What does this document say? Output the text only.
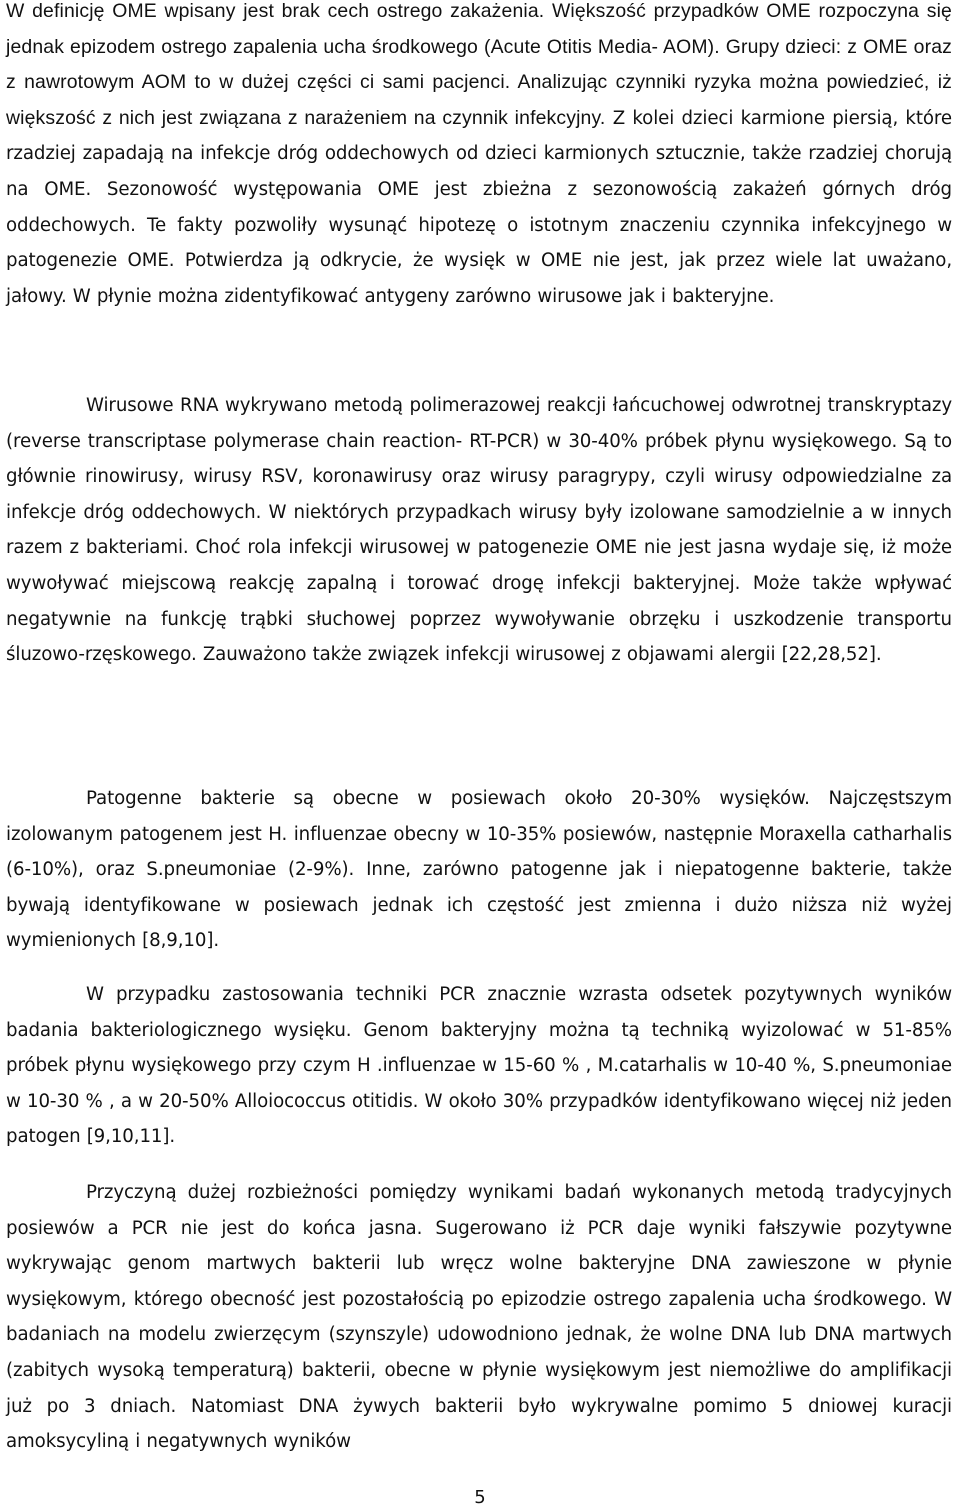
W definicję OME wpisany jest brak cech ostrego zakażenia. Większość przypadków OME rozpoczyna się jednak epizodem ostrego zapalenia ucha środkowego (Acute Otitis Media- AOM). Grupy dzieci: z OME oraz z nawrotowym AOM to w dużej części ci sami pacjenci. Analizując czynniki ryzyka można powiedzieć, iż większość z nich jest związana z narażeniem na czynnik infekcyjny. Z kolei dzieci karmione piersią, które rzadziej zapadają na infekcje dróg oddechowych od dzieci karmionych sztucznie, także rzadziej chorują na OME. Sezonowość występowania OME jest zbieżna z sezonowością zakażeń górnych dróg oddechowych. Te fakty pozwoliły wysunąć hipotezę o istotnym znaczeniu czynnika infekcyjnego w patogenezie OME. Potwierdza ją odkrycie, że wysięk w OME nie jest, jak przez wiele lat uważano, jałowy. W płynie można zidentyfikować antygeny zarówno wirusowe jak i bakteryjne.

Wirusowe RNA wykrywano metodą polimerazowej reakcji łańcuchowej odwrotnej transkryptazy (reverse transcriptase polymerase chain reaction- RT-PCR) w 30-40% próbek płynu wysiękowego. Są to głównie rinowirusy, wirusy RSV, koronawirusy oraz wirusy paragrypy, czyli wirusy odpowiedzialne za infekcje dróg oddechowych. W niektórych przypadkach wirusy były izolowane samodzielnie a w innych razem z bakteriami. Choć rola infekcji wirusowej w patogenezie OME nie jest jasna wydaje się, iż może wywoływać miejscową reakcję zapalną i torować drogę infekcji bakteryjnej. Może także wpływać negatywnie na funkcję trąbki słuchowej poprzez wywoływanie obrzęku i uszkodzenie transportu śluzowo-rzęskowego. Zauważono także związek infekcji wirusowej z objawami alergii [22,28,52].

Patogenne bakterie są obecne w posiewach około 20-30% wysięków. Najczęstszym izolowanym patogenem jest H. influenzae obecny w 10-35% posiewów, następnie Moraxella catharhalis (6-10%), oraz S.pneumoniae (2-9%). Inne, zarówno patogenne jak i niepatogenne bakterie, także bywają identyfikowane w posiewach jednak ich częstość jest zmienna i dużo niższa niż wyżej wymienionych [8,9,10].

W przypadku zastosowania techniki PCR znacznie wzrasta odsetek pozytywnych wyników badania bakteriologicznego wysięku. Genom bakteryjny można tą techniką wyizolować w 51-85% próbek płynu wysiękowego przy czym H .influenzae w 15-60 % , M.catarhalis w 10-40 %, S.pneumoniae w 10-30 % , a w 20-50% Alloiococcus otitidis. W około 30% przypadków identyfikowano więcej niż jeden patogen [9,10,11].

Przyczyną dużej rozbieżności pomiędzy wynikami badań wykonanych metodą tradycyjnych posiewów a PCR nie jest do końca jasna. Sugerowano iż PCR daje wyniki fałszywie pozytywne wykrywając genom martwych bakterii lub wręcz wolne bakteryjne DNA zawieszone w płynie wysiękowym, którego obecność jest pozostałością po epizodzie ostrego zapalenia ucha środkowego. W badaniach na modelu zwierzęcym (szynszyle) udowodniono jednak, że wolne DNA lub DNA martwych (zabitych wysoką temperaturą) bakterii, obecne w płynie wysiękowym jest niemożliwe do amplifikacji już po 3 dniach. Natomiast DNA żywych bakterii było wykrywalne pomimo 5 dniowej kuracji amoksycyliną i negatywnych wyników

5
